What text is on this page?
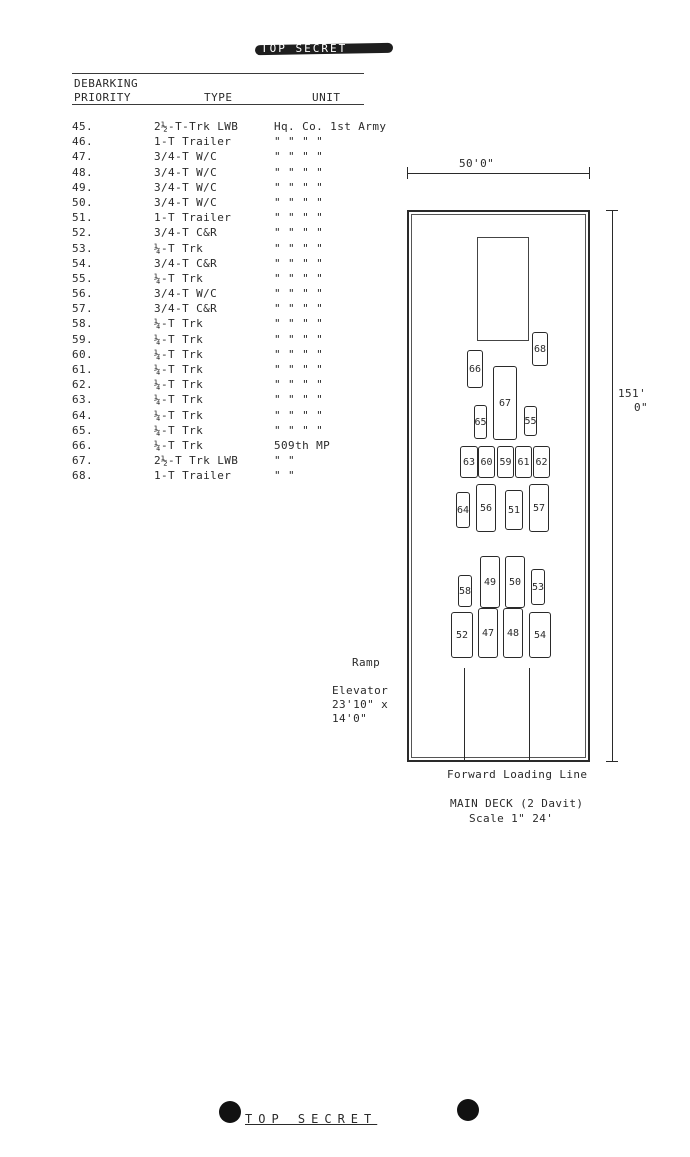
TOP SECRET
DEBARKING
PRIORITY	TYPE	UNIT
45.	2½-T-Trk LWB	Hq. Co. 1st Army
46.	1-T Trailer	" " " "
47.	3/4-T W/C	" " " "
48.	3/4-T W/C	" " " "
49.	3/4-T W/C	" " " "
50.	3/4-T W/C	" " " "
51.	1-T Trailer	" " " "
52.	3/4-T C&R	" " " "
53.	¼-T Trk	" " " "
54.	3/4-T C&R	" " " "
55.	¼-T Trk	" " " "
56.	3/4-T W/C	" " " "
57.	3/4-T C&R	" " " "
58.	¼-T Trk	" " " "
59.	¼-T Trk	" " " "
60.	¼-T Trk	" " " "
61.	¼-T Trk	" " " "
62.	¼-T Trk	" " " "
63.	¼-T Trk	" " " "
64.	¼-T Trk	" " " "
65.	¼-T Trk	" " " "
66.	¼-T Trk	509th MP
67.	2½-T Trk LWB	" "
68.	1-T Trailer	" "
50'0"
151'
0"
68
66
67
65	55
63 60 59 61 62
64	56	51	57
58
49	50	53
52	47	48	54
Ramp
Elevator
23'10" x
14'0"
Forward Loading Line
MAIN DECK (2 Davit)
Scale 1" 24'
TOP SECRET
